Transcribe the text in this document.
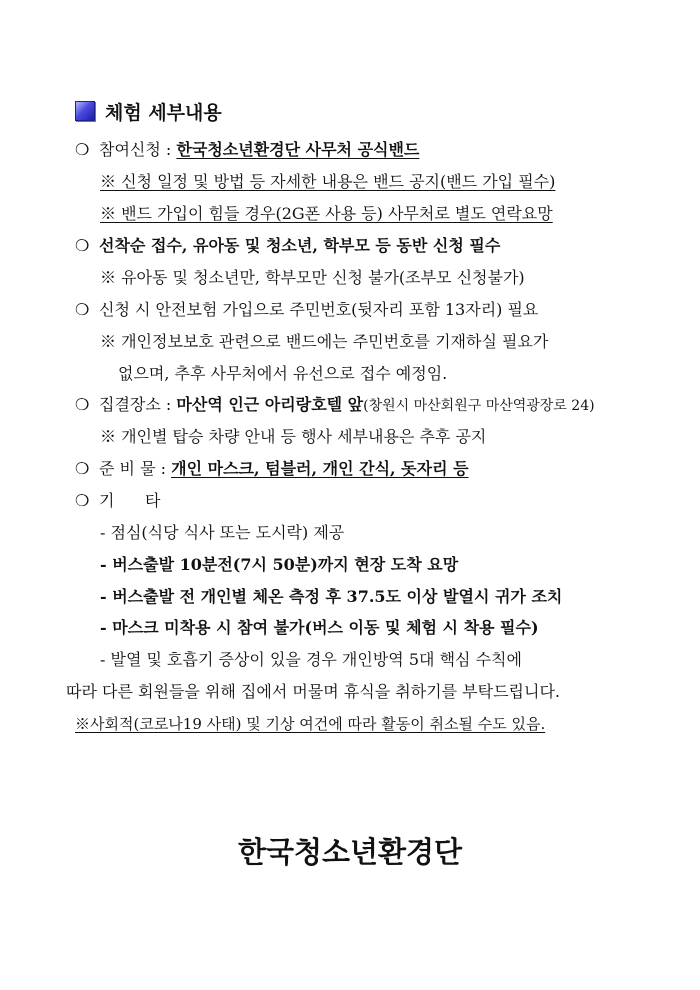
체험 세부내용
❍ 참여신청 : 한국청소년환경단 사무처 공식밴드
※ 신청 일정 및 방법 등 자세한 내용은 밴드 공지(밴드 가입 필수)
※ 밴드 가입이 힘들 경우(2G폰 사용 등) 사무처로 별도 연락요망
❍ 선착순 접수, 유아동 및 청소년, 학부모 등 동반 신청 필수
※ 유아동 및 청소년만, 학부모만 신청 불가(조부모 신청불가)
❍ 신청 시 안전보험 가입으로 주민번호(뒷자리 포함 13자리) 필요
※ 개인정보보호 관련으로 밴드에는 주민번호를 기재하실 필요가
없으며, 추후 사무처에서 유선으로 접수 예정임.
❍ 집결장소 : 마산역 인근 아리랑호텔 앞(창원시 마산회원구 마산역광장로 24)
※ 개인별 탑승 차량 안내 등 행사 세부내용은 추후 공지
❍ 준 비 물 : 개인 마스크, 텀블러, 개인 간식, 돗자리 등
❍ 기      타
- 점심(식당 식사 또는 도시락) 제공
- 버스출발 10분전(7시 50분)까지 현장 도착 요망
- 버스출발 전 개인별 체온 측정 후 37.5도 이상 발열시 귀가 조치
- 마스크 미착용 시 참여 불가(버스 이동 및 체험 시 착용 필수)
- 발열 및 호흡기 증상이 있을 경우 개인방역 5대 핵심 수칙에
따라 다른 회원들을 위해 집에서 머물며 휴식을 취하기를 부탁드립니다.
※사회적(코로나19 사태) 및 기상 여건에 따라 활동이 취소될 수도 있음.
한국청소년환경단
